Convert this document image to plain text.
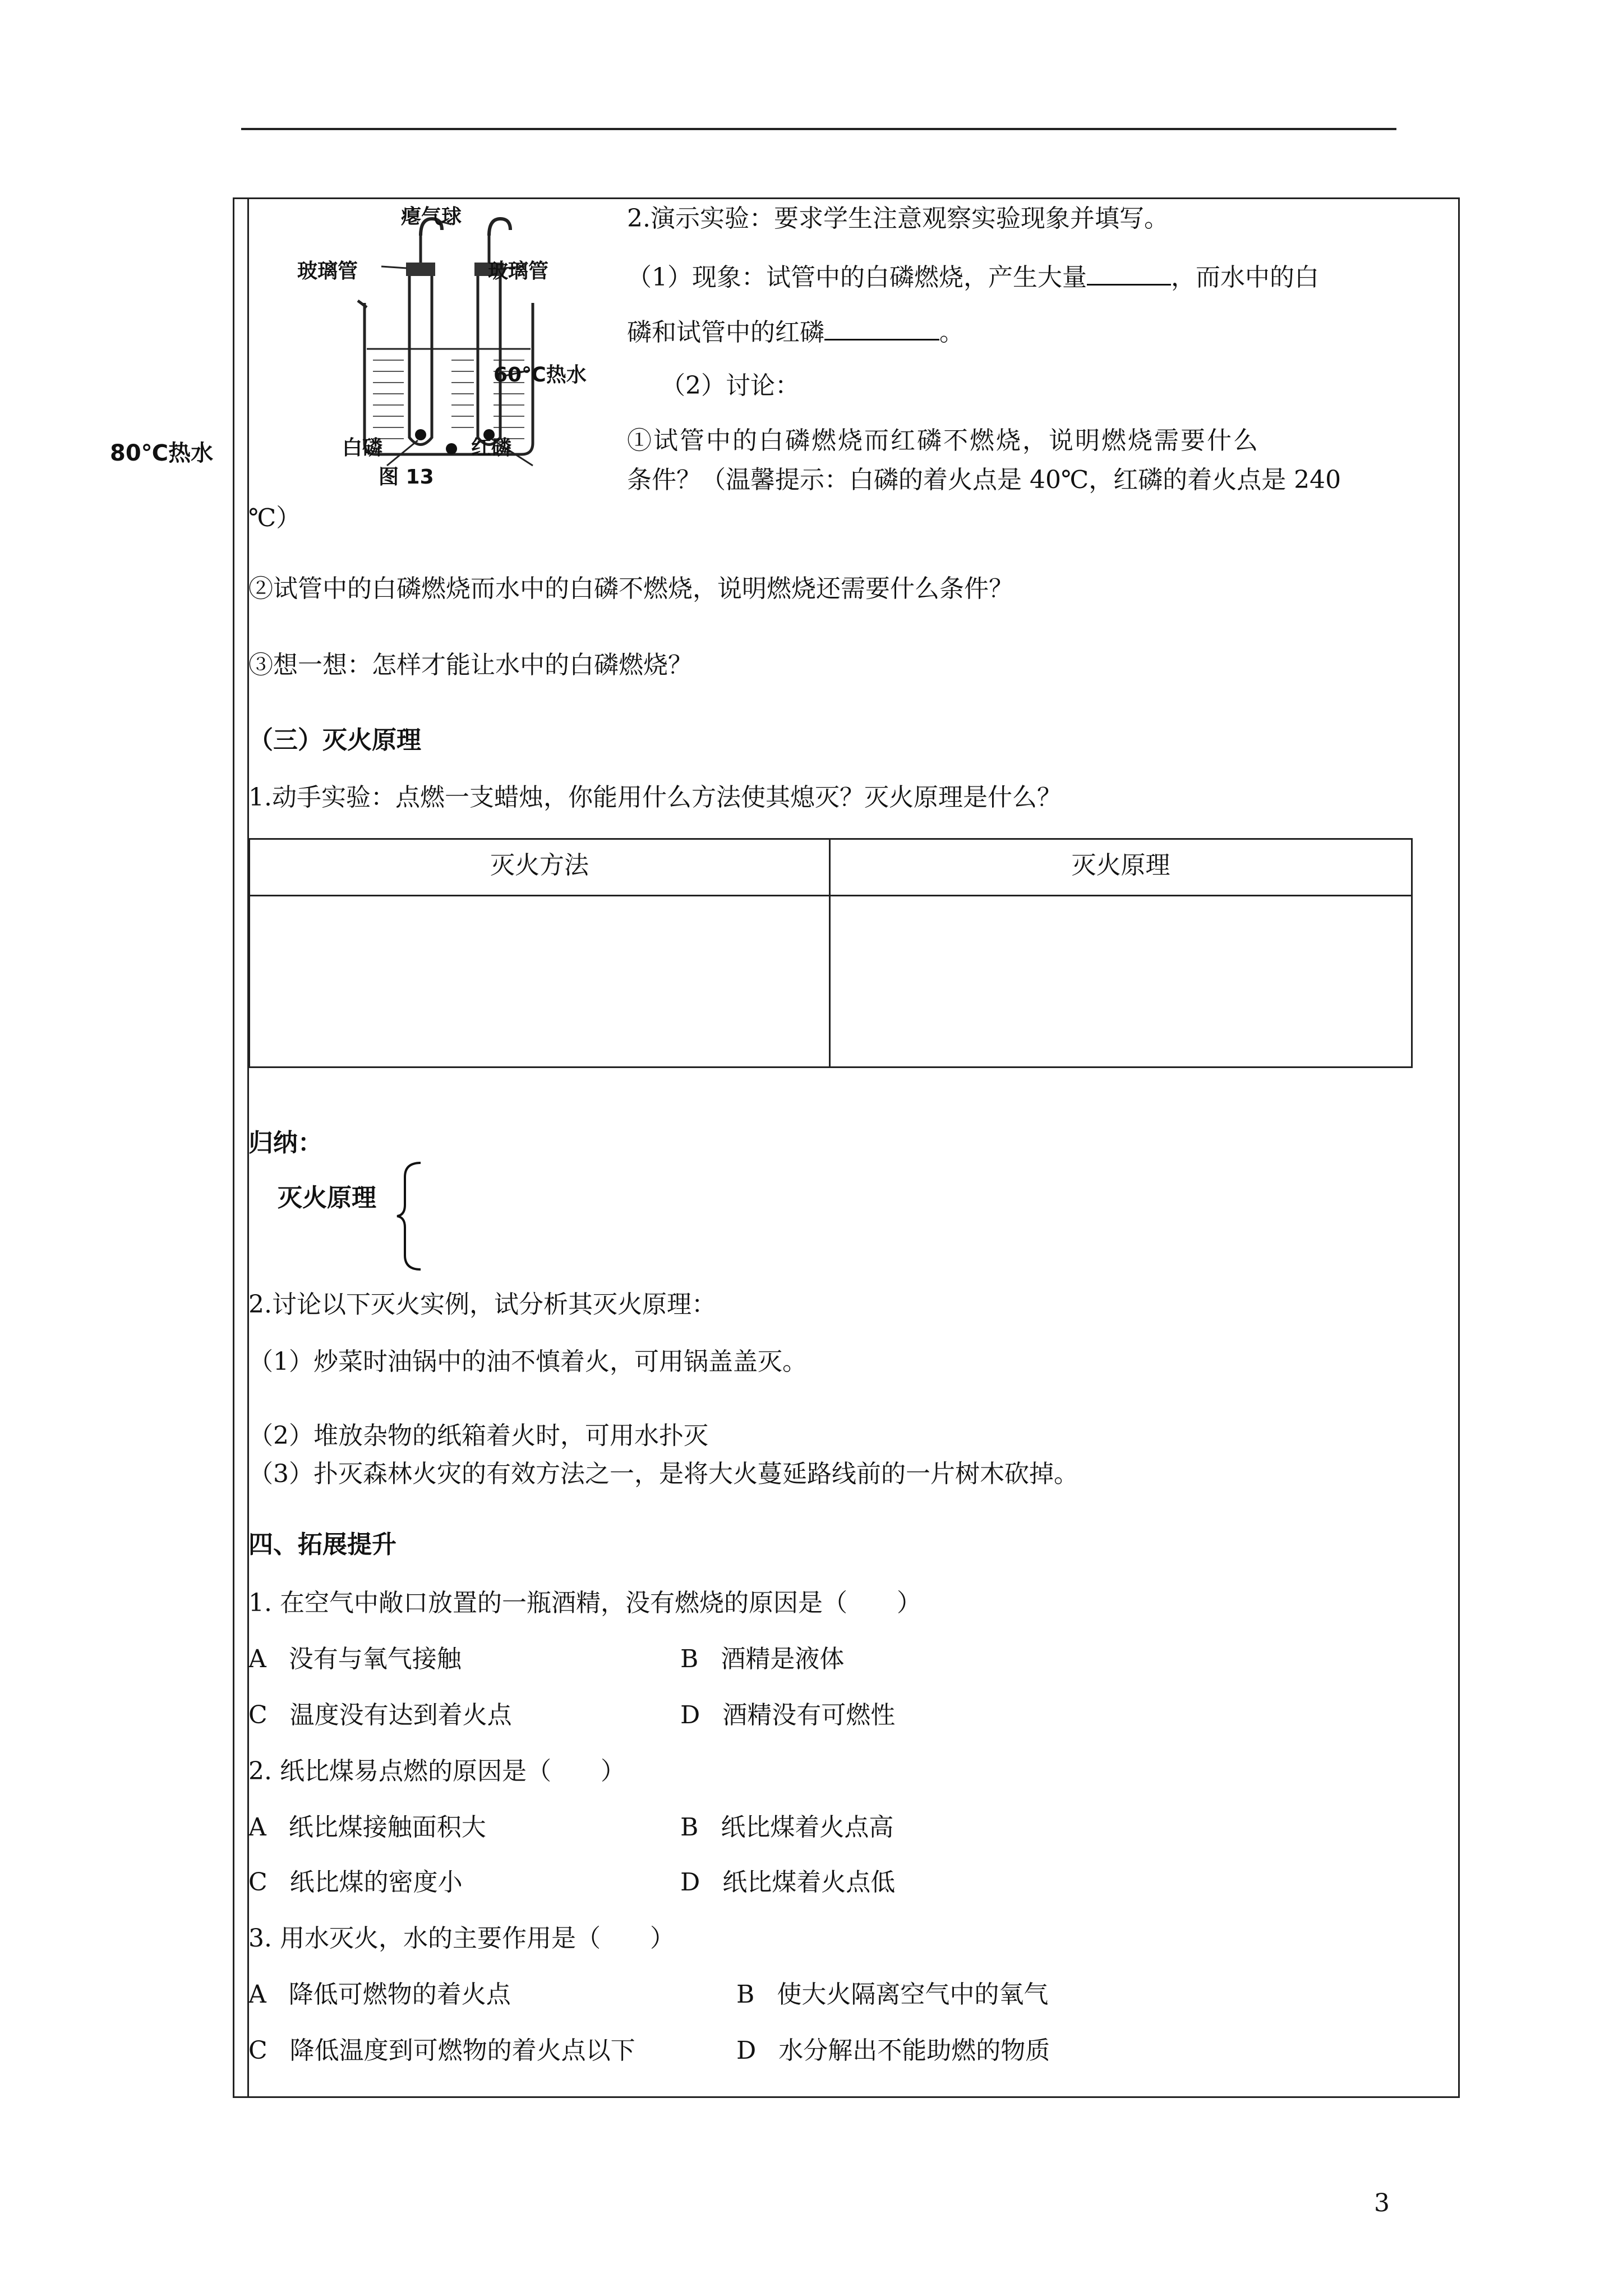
80℃热水
瘪气球
玻璃管	玻璃管
60℃热水
白磷	红磷
图 13
2.演示实验：要求学生注意观察实验现象并填写。
（1）现象：试管中的白磷燃烧，产生大量	，而水中的白
磷和试管中的红磷	。
（2）讨论：
①试管中的白磷燃烧而红磷不燃烧，说明燃烧需要什么
条件？（温馨提示：白磷的着火点是 40℃，红磷的着火点是 240
℃）
②试管中的白磷燃烧而水中的白磷不燃烧，说明燃烧还需要什么条件？
③想一想：怎样才能让水中的白磷燃烧？
（三）灭火原理
1.动手实验：点燃一支蜡烛，你能用什么方法使其熄灭？灭火原理是什么？
灭火方法	灭火原理
归纳：
灭火原理
2.讨论以下灭火实例，试分析其灭火原理：
（1）炒菜时油锅中的油不慎着火，可用锅盖盖灭。
（2）堆放杂物的纸箱着火时，可用水扑灭
（3）扑灭森林火灾的有效方法之一，是将大火蔓延路线前的一片树木砍掉。
四、拓展提升
1. 在空气中敞口放置的一瓶酒精，没有燃烧的原因是（　　）
A 没有与氧气接触	B 酒精是液体
C 温度没有达到着火点	D 酒精没有可燃性
2. 纸比煤易点燃的原因是（　　）
A 纸比煤接触面积大	B 纸比煤着火点高
C 纸比煤的密度小	D 纸比煤着火点低
3. 用水灭火，水的主要作用是（　　）
A 降低可燃物的着火点	B 使大火隔离空气中的氧气
C 降低温度到可燃物的着火点以下	D 水分解出不能助燃的物质
3
